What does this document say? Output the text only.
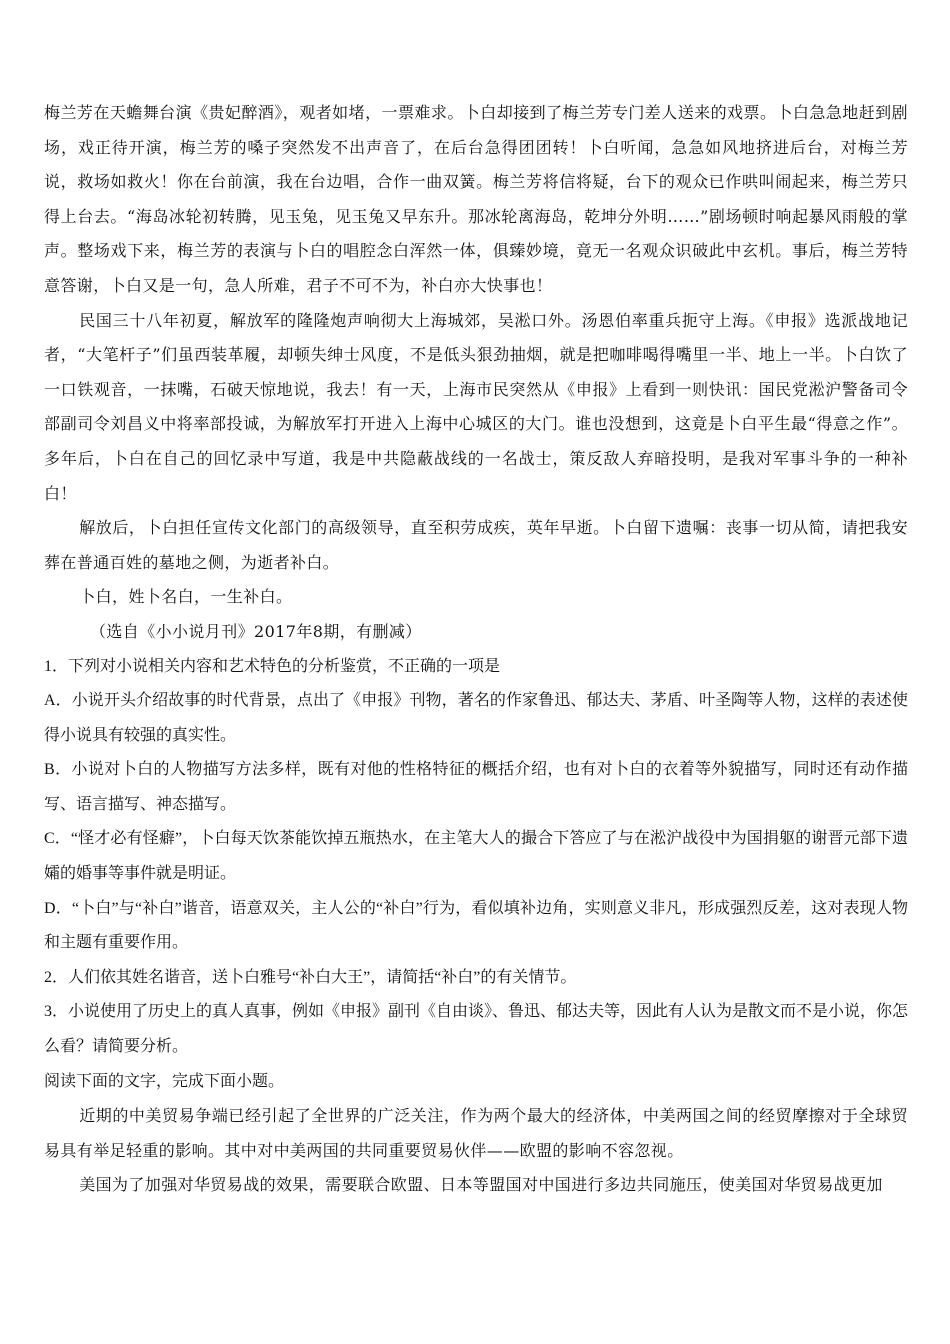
梅兰芳在天蟾舞台演《贵妃醉酒》，观者如堵，一票难求。卜白却接到了梅兰芳专门差人送来的戏票。卜白急急地赶到剧场，戏正待开演，梅兰芳的嗓子突然发不出声音了，在后台急得团团转！卜白听闻，急急如风地挤进后台，对梅兰芳说，救场如救火！你在台前演，我在台边唱，合作一曲双簧。梅兰芳将信将疑，台下的观众已作哄叫闹起来，梅兰芳只得上台去。“海岛冰轮初转腾，见玉兔，见玉兔又早东升。那冰轮离海岛，乾坤分外明……”剧场顿时响起暴风雨般的掌声。整场戏下来，梅兰芳的表演与卜白的唱腔念白浑然一体，俱臻妙境，竟无一名观众识破此中玄机。事后，梅兰芳特意答谢，卜白又是一句，急人所难，君子不可不为，补白亦大快事也！

民国三十八年初夏，解放军的隆隆炮声响彻大上海城郊，吴淞口外。汤恩伯率重兵扼守上海。《申报》选派战地记者，“大笔杆子”们虽西装革履，却顿失绅士风度，不是低头狠劲抽烟，就是把咖啡喝得嘴里一半、地上一半。卜白饮了一口铁观音，一抹嘴，石破天惊地说，我去！有一天，上海市民突然从《申报》上看到一则快讯：国民党淞沪警备司令部副司令刘昌义中将率部投诚，为解放军打开进入上海中心城区的大门。谁也没想到，这竟是卜白平生最“得意之作”。多年后，卜白在自己的回忆录中写道，我是中共隐蔽战线的一名战士，策反敌人弃暗投明，是我对军事斗争的一种补白！

解放后，卜白担任宣传文化部门的高级领导，直至积劳成疾，英年早逝。卜白留下遗嘱：丧事一切从简，请把我安葬在普通百姓的墓地之侧，为逝者补白。

卜白，姓卜名白，一生补白。

（选自《小小说月刊》2017年8期，有删减）

1．下列对小说相关内容和艺术特色的分析鉴赏，不正确的一项是

A．小说开头介绍故事的时代背景，点出了《申报》刊物，著名的作家鲁迅、郁达夫、茅盾、叶圣陶等人物，这样的表述使得小说具有较强的真实性。

B．小说对卜白的人物描写方法多样，既有对他的性格特征的概括介绍，也有对卜白的衣着等外貌描写，同时还有动作描写、语言描写、神态描写。

C．“怪才必有怪癖”，卜白每天饮茶能饮掉五瓶热水，在主笔大人的撮合下答应了与在淞沪战役中为国捐躯的谢晋元部下遗孀的婚事等事件就是明证。

D．“卜白”与“补白”谐音，语意双关，主人公的“补白”行为，看似填补边角，实则意义非凡，形成强烈反差，这对表现人物和主题有重要作用。

2．人们依其姓名谐音，送卜白雅号“补白大王”，请简括“补白”的有关情节。

3．小说使用了历史上的真人真事，例如《申报》副刊《自由谈》、鲁迅、郁达夫等，因此有人认为是散文而不是小说，你怎么看？请简要分析。

阅读下面的文字，完成下面小题。

近期的中美贸易争端已经引起了全世界的广泛关注，作为两个最大的经济体，中美两国之间的经贸摩擦对于全球贸易具有举足轻重的影响。其中对中美两国的共同重要贸易伙伴——欧盟的影响不容忽视。

美国为了加强对华贸易战的效果，需要联合欧盟、日本等盟国对中国进行多边共同施压，使美国对华贸易战更加
